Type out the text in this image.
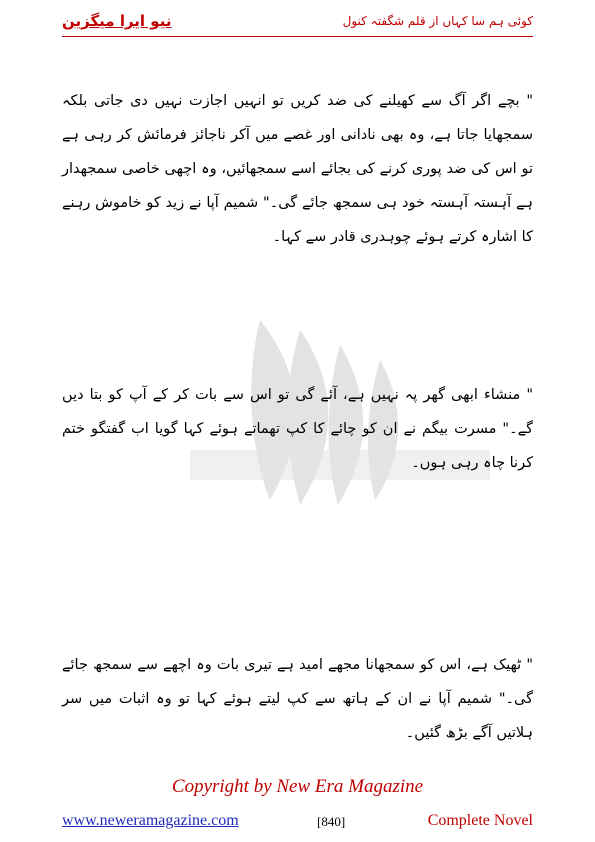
نیو ایرا میگزین	کوئی ہم سا کہاں از قلم شگفتہ کنول
" بچے اگر آگ سے کھیلنے کی ضد کریں تو انہیں اجازت نہیں دی جاتی بلکہ سمجھایا جاتا ہے، وہ بھی نادانی اور غصے میں آکر ناجائز فرمائش کر رہی ہے تو اس کی ضد پوری کرنے کی بجائے اسے سمجھائیں، وہ اچھی خاصی سمجھدار ہے آہستہ آہستہ خود ہی سمجھ جائے گی۔" شمیم آپا نے زید کو خاموش رہنے کا اشارہ کرتے ہوئے چوہدری قادر سے کہا۔
" منشاء ابھی گھر پہ نہیں ہے، آئے گی تو اس سے بات کر کے آپ کو بتا دیں گے۔" مسرت بیگم نے ان کو چائے کا کپ تھماتے ہوئے کہا گویا اب گفتگو ختم کرنا چاہ رہی ہوں۔
" ٹھیک ہے، اس کو سمجھانا مجھے امید ہے تیری بات وہ اچھے سے سمجھ جائے گی۔" شمیم آپا نے ان کے ہاتھ سے کپ لیتے ہوئے کہا تو وہ اثبات میں سر ہلاتیں آگے بڑھ گئیں۔
Copyright by New Era Magazine
www.neweramagazine.com	[840]	Complete Novel
